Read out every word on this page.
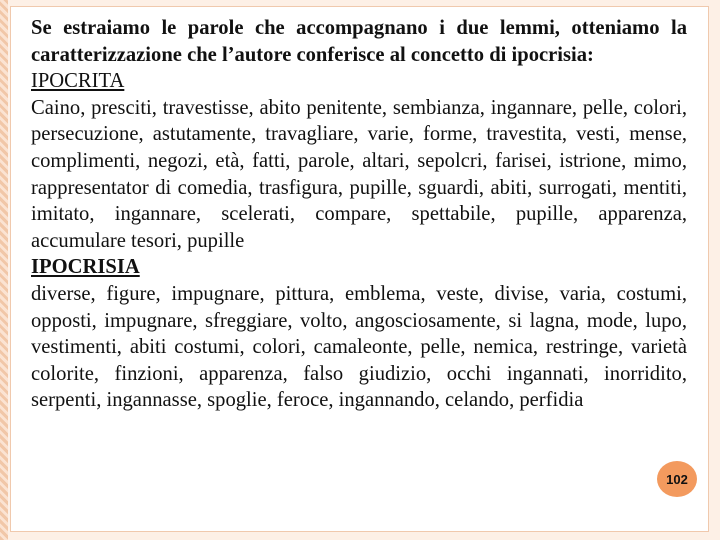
102

Se estraiamo le parole che accompagnano i due lemmi, otteniamo la caratterizzazione che l’autore conferisce al concetto di ipocrisia:

IPOCRITA

Caino, presciti, travestisse, abito penitente, sembianza, ingannare, pelle, colori, persecuzione, astutamente, travagliare, varie, forme, travestita, vesti, mense, complimenti, negozi, età, fatti, parole, altari, sepolcri, farisei, istrione, mimo, rappresentator di comedia, trasfigura, pupille, sguardi, abiti, surrogati, mentiti, imitato, ingannare, scelerati, compare, spettabile, pupille, apparenza, accumulare tesori, pupille

IPOCRISIA

diverse, figure, impugnare, pittura, emblema, veste, divise, varia, costumi, opposti, impugnare, sfreggiare, volto, angosciosamente, si lagna, mode, lupo, vestimenti, abiti costumi, colori, camaleonte, pelle, nemica, restringe, varietà colorite, finzioni, apparenza, falso giudizio, occhi ingannati, inorridito, serpenti, ingannasse, spoglie, feroce, ingannando, celando, perfidia
